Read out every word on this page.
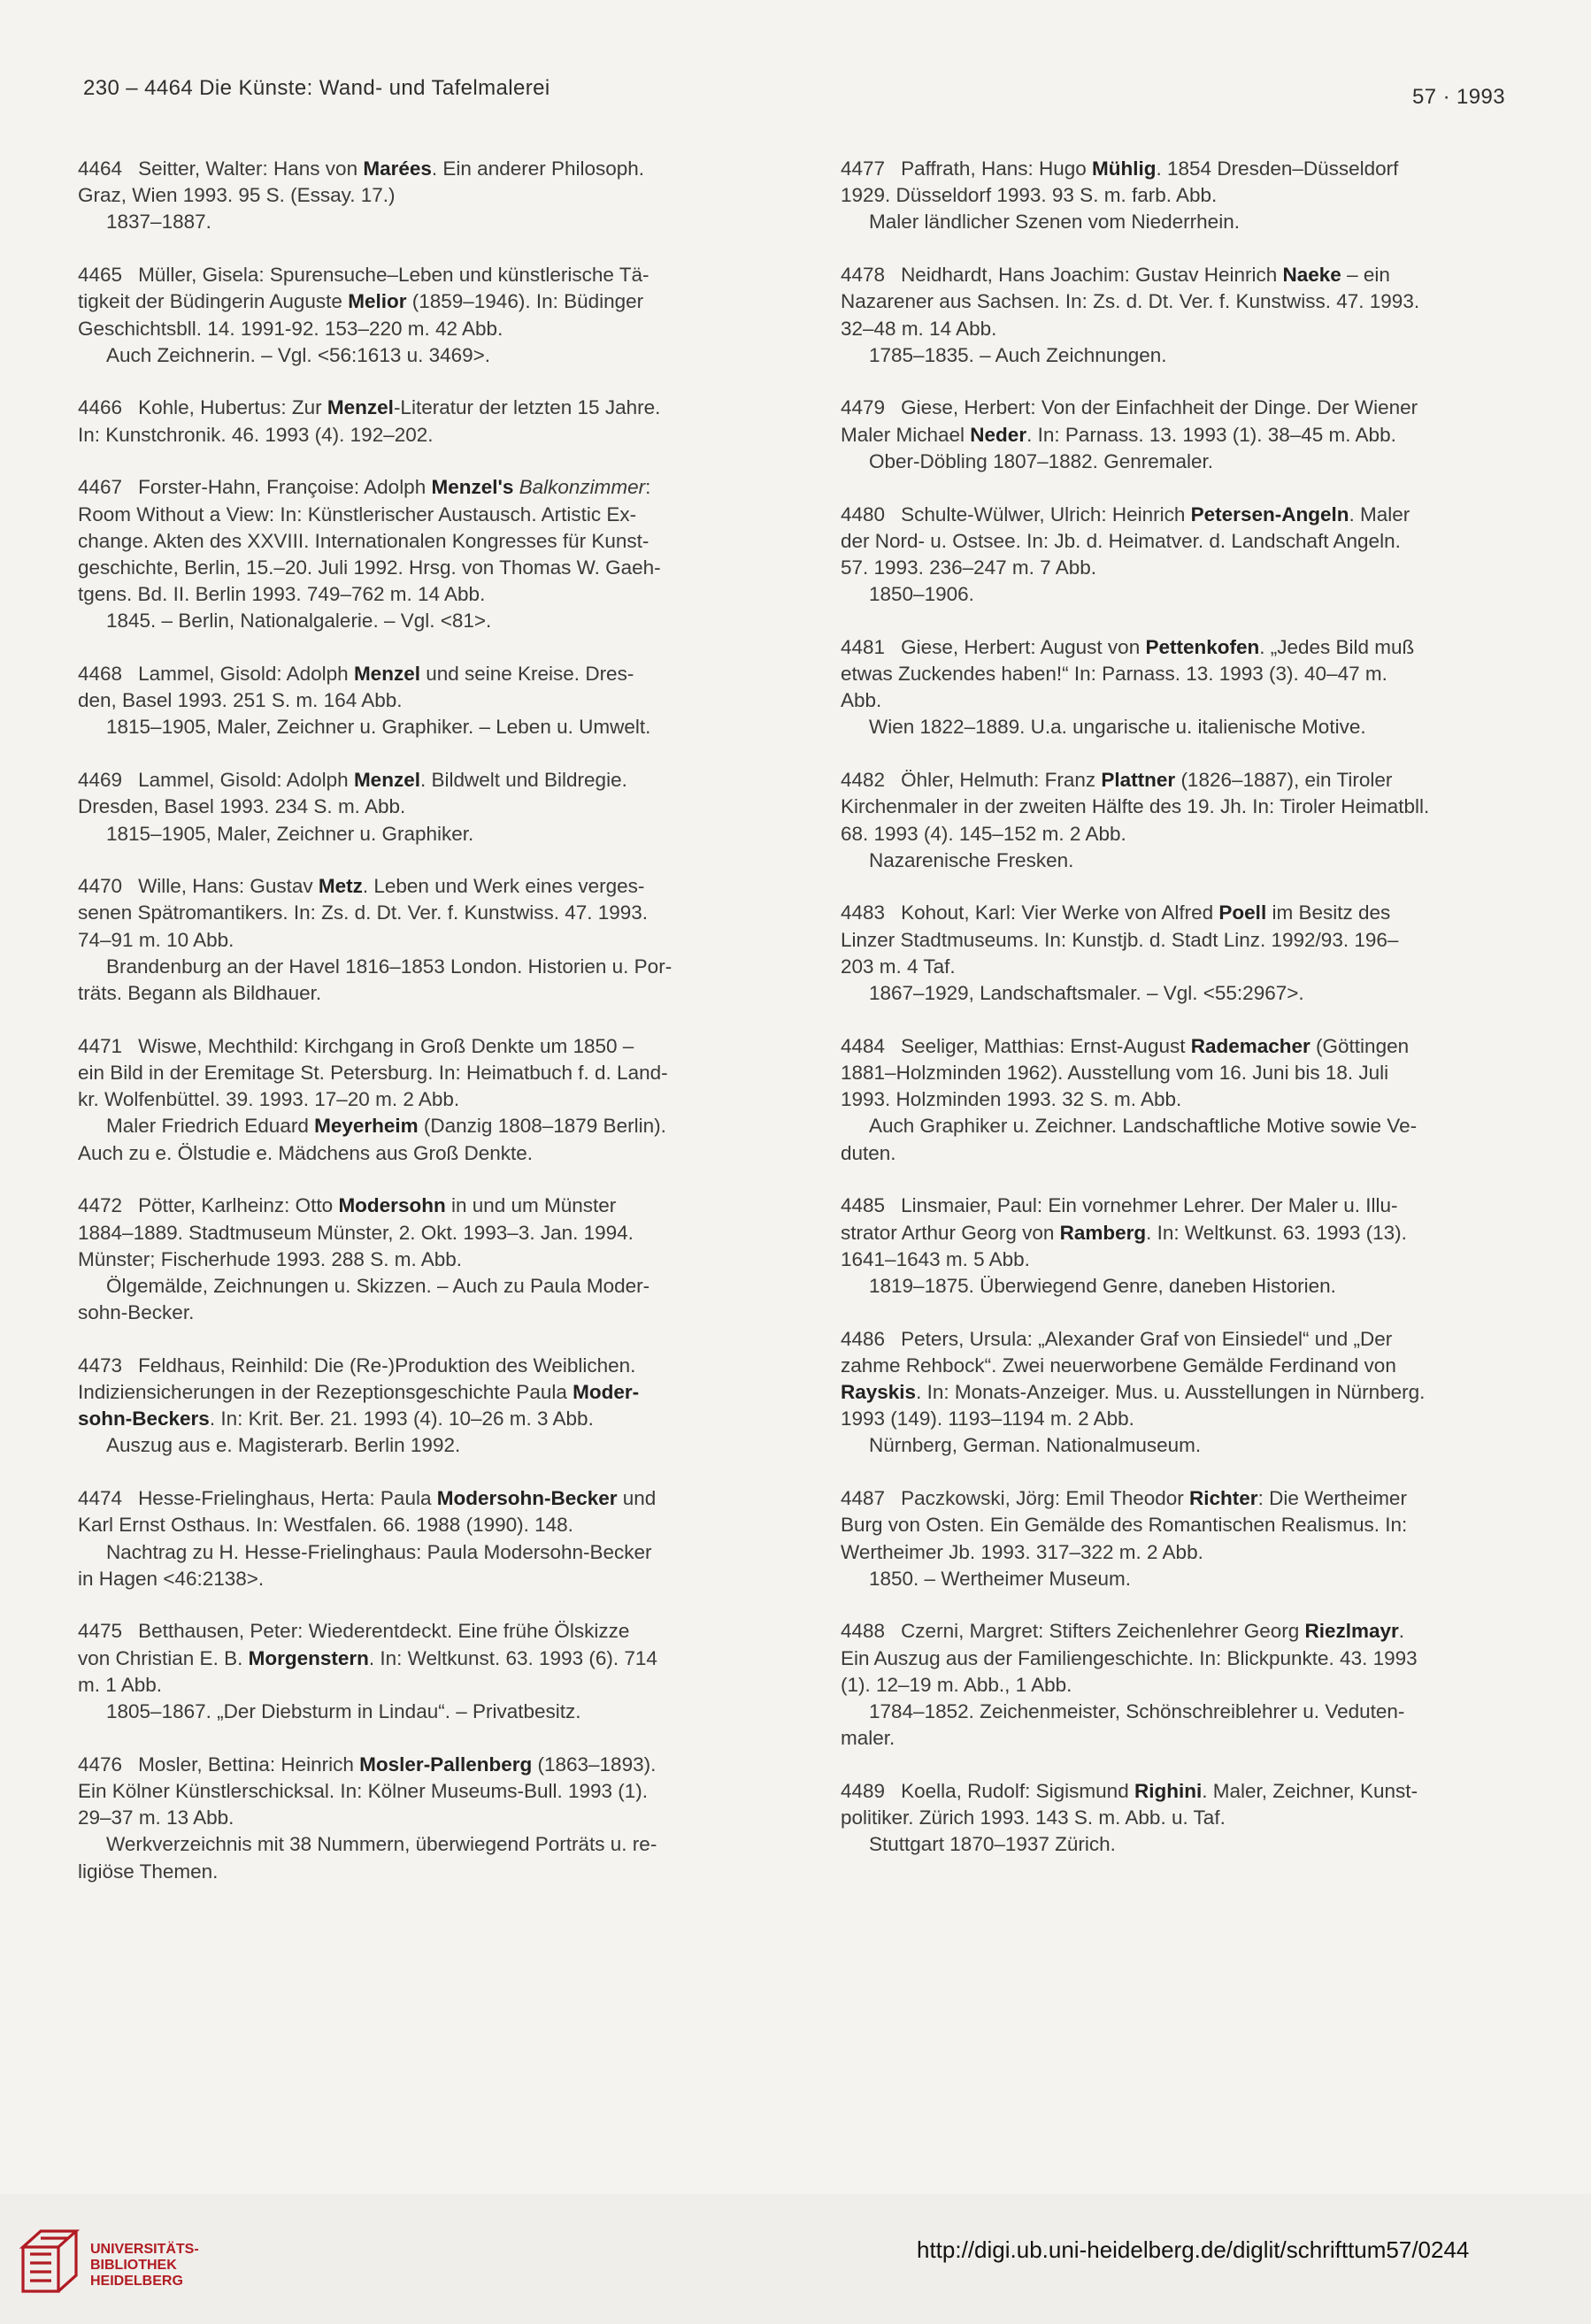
230 – 4464 Die Künste: Wand- und Tafelmalerei	57 · 1993
4464 Seitter, Walter: Hans von Marées. Ein anderer Philosoph.
Graz, Wien 1993. 95 S. (Essay. 17.)
1837–1887.
4465 Müller, Gisela: Spurensuche–Leben und künstlerische Tä-
tigkeit der Büdingerin Auguste Melior (1859–1946). In: Büdinger
Geschichtsbll. 14. 1991-92. 153–220 m. 42 Abb.
Auch Zeichnerin. – Vgl. <56:1613 u. 3469>.
4466 Kohle, Hubertus: Zur Menzel-Literatur der letzten 15 Jahre.
In: Kunstchronik. 46. 1993 (4). 192–202.
4467 Forster-Hahn, Françoise: Adolph Menzel's Balkonzimmer:
Room Without a View: In: Künstlerischer Austausch. Artistic Ex-
change. Akten des XXVIII. Internationalen Kongresses für Kunst-
geschichte, Berlin, 15.–20. Juli 1992. Hrsg. von Thomas W. Gaeh-
tgens. Bd. II. Berlin 1993. 749–762 m. 14 Abb.
1845. – Berlin, Nationalgalerie. – Vgl. <81>.
4468 Lammel, Gisold: Adolph Menzel und seine Kreise. Dres-
den, Basel 1993. 251 S. m. 164 Abb.
1815–1905, Maler, Zeichner u. Graphiker. – Leben u. Umwelt.
4469 Lammel, Gisold: Adolph Menzel. Bildwelt und Bildregie.
Dresden, Basel 1993. 234 S. m. Abb.
1815–1905, Maler, Zeichner u. Graphiker.
4470 Wille, Hans: Gustav Metz. Leben und Werk eines verges-
senen Spätromantikers. In: Zs. d. Dt. Ver. f. Kunstwiss. 47. 1993.
74–91 m. 10 Abb.
Brandenburg an der Havel 1816–1853 London. Historien u. Por-
träts. Begann als Bildhauer.
4471 Wiswe, Mechthild: Kirchgang in Groß Denkte um 1850 –
ein Bild in der Eremitage St. Petersburg. In: Heimatbuch f. d. Land-
kr. Wolfenbüttel. 39. 1993. 17–20 m. 2 Abb.
Maler Friedrich Eduard Meyerheim (Danzig 1808–1879 Berlin).
Auch zu e. Ölstudie e. Mädchens aus Groß Denkte.
4472 Pötter, Karlheinz: Otto Modersohn in und um Münster
1884–1889. Stadtmuseum Münster, 2. Okt. 1993–3. Jan. 1994.
Münster; Fischerhude 1993. 288 S. m. Abb.
Ölgemälde, Zeichnungen u. Skizzen. – Auch zu Paula Moder-
sohn-Becker.
4473 Feldhaus, Reinhild: Die (Re-)Produktion des Weiblichen.
Indiziensicherungen in der Rezeptionsgeschichte Paula Moder-
sohn-Beckers. In: Krit. Ber. 21. 1993 (4). 10–26 m. 3 Abb.
Auszug aus e. Magisterarb. Berlin 1992.
4474 Hesse-Frielinghaus, Herta: Paula Modersohn-Becker und
Karl Ernst Osthaus. In: Westfalen. 66. 1988 (1990). 148.
Nachtrag zu H. Hesse-Frielinghaus: Paula Modersohn-Becker
in Hagen <46:2138>.
4475 Betthausen, Peter: Wiederentdeckt. Eine frühe Ölskizze
von Christian E. B. Morgenstern. In: Weltkunst. 63. 1993 (6). 714
m. 1 Abb.
1805–1867. „Der Diebsturm in Lindau“. – Privatbesitz.
4476 Mosler, Bettina: Heinrich Mosler-Pallenberg (1863–1893).
Ein Kölner Künstlerschicksal. In: Kölner Museums-Bull. 1993 (1).
29–37 m. 13 Abb.
Werkverzeichnis mit 38 Nummern, überwiegend Porträts u. re-
ligiöse Themen.
4477 Paffrath, Hans: Hugo Mühlig. 1854 Dresden–Düsseldorf
1929. Düsseldorf 1993. 93 S. m. farb. Abb.
Maler ländlicher Szenen vom Niederrhein.
4478 Neidhardt, Hans Joachim: Gustav Heinrich Naeke – ein
Nazarener aus Sachsen. In: Zs. d. Dt. Ver. f. Kunstwiss. 47. 1993.
32–48 m. 14 Abb.
1785–1835. – Auch Zeichnungen.
4479 Giese, Herbert: Von der Einfachheit der Dinge. Der Wiener
Maler Michael Neder. In: Parnass. 13. 1993 (1). 38–45 m. Abb.
Ober-Döbling 1807–1882. Genremaler.
4480 Schulte-Wülwer, Ulrich: Heinrich Petersen-Angeln. Maler
der Nord- u. Ostsee. In: Jb. d. Heimatver. d. Landschaft Angeln.
57. 1993. 236–247 m. 7 Abb.
1850–1906.
4481 Giese, Herbert: August von Pettenkofen. „Jedes Bild muß
etwas Zuckendes haben!“ In: Parnass. 13. 1993 (3). 40–47 m.
Abb.
Wien 1822–1889. U.a. ungarische u. italienische Motive.
4482 Öhler, Helmuth: Franz Plattner (1826–1887), ein Tiroler
Kirchenmaler in der zweiten Hälfte des 19. Jh. In: Tiroler Heimatbll.
68. 1993 (4). 145–152 m. 2 Abb.
Nazarenische Fresken.
4483 Kohout, Karl: Vier Werke von Alfred Poell im Besitz des
Linzer Stadtmuseums. In: Kunstjb. d. Stadt Linz. 1992/93. 196–
203 m. 4 Taf.
1867–1929, Landschaftsmaler. – Vgl. <55:2967>.
4484 Seeliger, Matthias: Ernst-August Rademacher (Göttingen
1881–Holzminden 1962). Ausstellung vom 16. Juni bis 18. Juli
1993. Holzminden 1993. 32 S. m. Abb.
Auch Graphiker u. Zeichner. Landschaftliche Motive sowie Ve-
duten.
4485 Linsmaier, Paul: Ein vornehmer Lehrer. Der Maler u. Illu-
strator Arthur Georg von Ramberg. In: Weltkunst. 63. 1993 (13).
1641–1643 m. 5 Abb.
1819–1875. Überwiegend Genre, daneben Historien.
4486 Peters, Ursula: „Alexander Graf von Einsiedel“ und „Der
zahme Rehbock“. Zwei neuerworbene Gemälde Ferdinand von
Rayskis. In: Monats-Anzeiger. Mus. u. Ausstellungen in Nürnberg.
1993 (149). 1193–1194 m. 2 Abb.
Nürnberg, German. Nationalmuseum.
4487 Paczkowski, Jörg: Emil Theodor Richter: Die Wertheimer
Burg von Osten. Ein Gemälde des Romantischen Realismus. In:
Wertheimer Jb. 1993. 317–322 m. 2 Abb.
1850. – Wertheimer Museum.
4488 Czerni, Margret: Stifters Zeichenlehrer Georg Riezlmayr.
Ein Auszug aus der Familiengeschichte. In: Blickpunkte. 43. 1993
(1). 12–19 m. Abb., 1 Abb.
1784–1852. Zeichenmeister, Schönschreiblehrer u. Veduten-
maler.
4489 Koella, Rudolf: Sigismund Righini. Maler, Zeichner, Kunst-
politiker. Zürich 1993. 143 S. m. Abb. u. Taf.
Stuttgart 1870–1937 Zürich.
UNIVERSITÄTS-
BIBLIOTHEK
HEIDELBERG
http://digi.ub.uni-heidelberg.de/diglit/schrifttum57/0244
